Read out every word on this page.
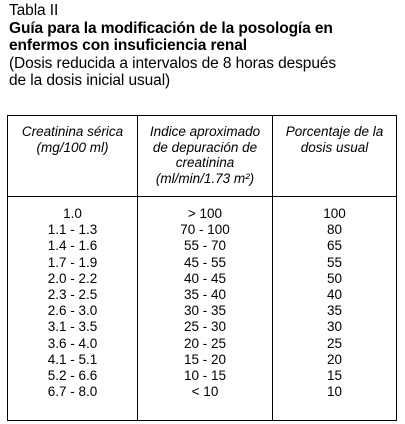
Tabla II
Guía para la modificación de la posología en
enfermos con insuficiencia renal
(Dosis reducida a intervalos de 8 horas después
de la dosis inicial usual)
Creatinina sérica
(mg/100 ml)
Indice aproximado
de depuración de
creatinina
(ml/min/1.73 m²)
Porcentaje de la
dosis usual
1.0
1.1 - 1.3
1.4 - 1.6
1.7 - 1.9
2.0 - 2.2
2.3 - 2.5
2.6 - 3.0
3.1 - 3.5
3.6 - 4.0
4.1 - 5.1
5.2 - 6.6
6.7 - 8.0
> 100
70 - 100
55 - 70
45 - 55
40 - 45
35 - 40
30 - 35
25 - 30
20 - 25
15 - 20
10 - 15
< 10
100
80
65
55
50
40
35
30
25
20
15
10
